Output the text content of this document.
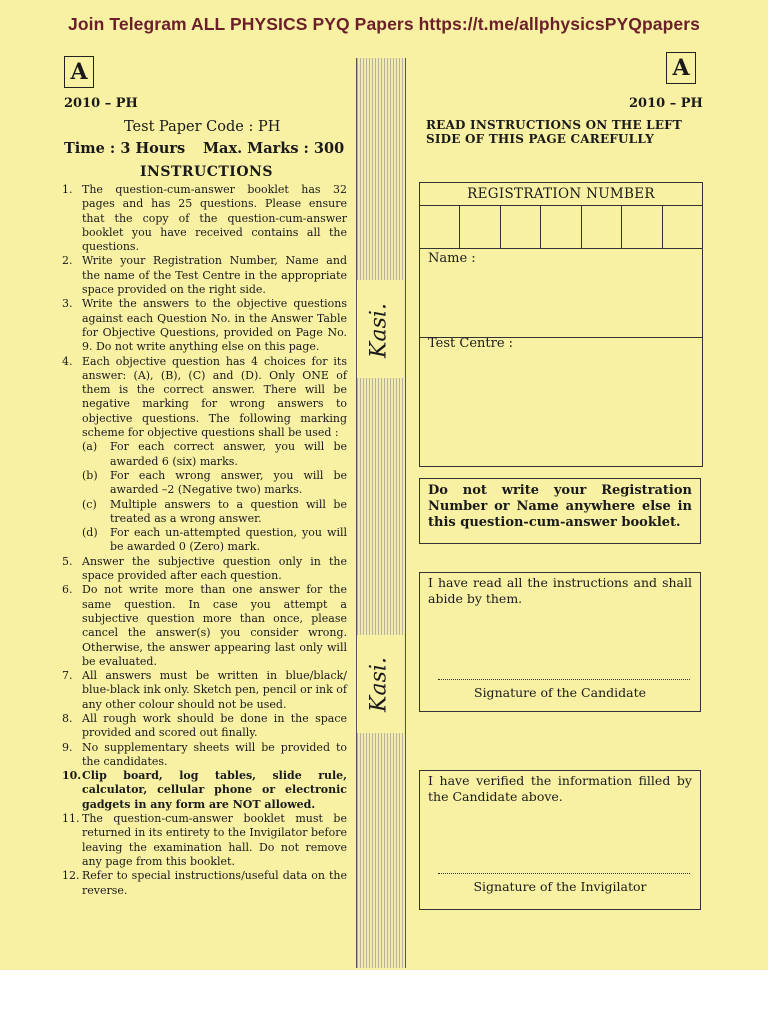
Join Telegram ALL PHYSICS PYQ Papers https://t.me/allphysicsPYQpapers
A
2010 – PH
Test Paper Code : PH
Time : 3 Hours Max. Marks : 300
INSTRUCTIONS
1. The question-cum-answer booklet has 32 pages and has 25 questions. Please ensure that the copy of the question-cum-answer booklet you have received contains all the questions.
2. Write your Registration Number, Name and the name of the Test Centre in the appropriate space provided on the right side.
3. Write the answers to the objective questions against each Question No. in the Answer Table for Objective Questions, provided on Page No. 9. Do not write anything else on this page.
4. Each objective question has 4 choices for its answer: (A), (B), (C) and (D). Only ONE of them is the correct answer. There will be negative marking for wrong answers to objective questions. The following marking scheme for objective questions shall be used :
(a) For each correct answer, you will be awarded 6 (six) marks.
(b) For each wrong answer, you will be awarded –2 (Negative two) marks.
(c) Multiple answers to a question will be treated as a wrong answer.
(d) For each un-attempted question, you will be awarded 0 (Zero) mark.
5. Answer the subjective question only in the space provided after each question.
6. Do not write more than one answer for the same question. In case you attempt a subjective question more than once, please cancel the answer(s) you consider wrong. Otherwise, the answer appearing last only will be evaluated.
7. All answers must be written in blue/black/ blue-black ink only. Sketch pen, pencil or ink of any other colour should not be used.
8. All rough work should be done in the space provided and scored out finally.
9. No supplementary sheets will be provided to the candidates.
10. Clip board, log tables, slide rule, calculator, cellular phone or electronic gadgets in any form are NOT allowed.
11. The question-cum-answer booklet must be returned in its entirety to the Invigilator before leaving the examination hall. Do not remove any page from this booklet.
12. Refer to special instructions/useful data on the reverse.
Kasi.
Kasi.
A
2010 – PH
READ INSTRUCTIONS ON THE LEFT SIDE OF THIS PAGE CAREFULLY
REGISTRATION NUMBER
Name :
Test Centre :
Do not write your Registration Number or Name anywhere else in this question-cum-answer booklet.
I have read all the instructions and shall abide by them.
Signature of the Candidate
I have verified the information filled by the Candidate above.
Signature of the Invigilator
